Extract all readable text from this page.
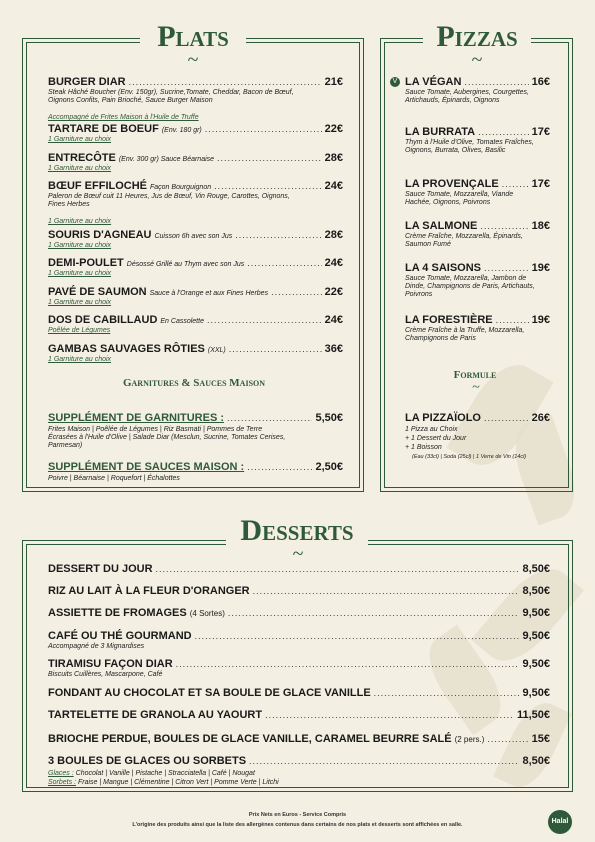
Plats
~
BURGER DIAR .....	21€
Steak Hâché Boucher (Env. 150gr), Sucrine,Tomate, Cheddar, Bacon de Bœuf, Oignons Confits, Pain Brioché, Sauce Burger Maison
Accompagné de Frites Maison à l'Huile de Truffe
TARTARE DE BOEUF (Env. 180 gr) .....	22€
1 Garniture au choix
ENTRECÔTE (Env. 300 gr) Sauce Béarnaise .....	28€
1 Garniture au choix
BŒUF EFFILOCHÉ Façon Bourguignon .....	24€
Paleron de Bœuf cuit 11 Heures, Jus de Bœuf, Vin Rouge, Carottes, Oignons, Fines Herbes
1 Garniture au choix
SOURIS D'AGNEAU Cuisson 6h avec son Jus .....	28€
1 Garniture au choix
DEMI-POULET Désossé Grillé au Thym avec son Jus .....	24€
1 Garniture au choix
PAVÉ DE SAUMON Sauce à l'Orange et aux Fines Herbes .....	22€
1 Garniture au choix
DOS DE CABILLAUD En Cassolette .....	24€
Poêlée de Légumes
GAMBAS SAUVAGES RÔTIES (XXL) .....	36€
1 Garniture au choix
Garnitures & Sauces Maison
SUPPLÉMENT DE GARNITURES : .....	5,50€
Frites Maison | Poêlée de Légumes | Riz Basmati | Pommes de Terre Écrasées à l'Huile d'Olive | Salade Diar (Mesclun, Sucrine, Tomates Cerises, Parmesan)
SUPPLÉMENT DE SAUCES MAISON : .....	2,50€
Poivre | Béarnaise | Roquefort | Échalottes
Pizzas
~
V LA VÉGAN .....	16€
Sauce Tomate, Aubergines, Courgettes, Artichauds, Épinards, Oignons
LA BURRATA .....	17€
Thym à l'Huile d'Olive, Tomates Fraîches, Oignons, Burrata, Olives, Basilic
LA PROVENÇALE .....	17€
Sauce Tomate, Mozzarella, Viande Hachée, Oignons, Poivrons
LA SALMONE .....	18€
Crème Fraîche, Mozzarella, Épinards, Saumon Fumé
LA 4 SAISONS .....	19€
Sauce Tomate, Mozzarella, Jambon de Dinde, Champignons de Paris, Artichauts, Poivrons
LA FORESTIÈRE .....	19€
Crème Fraîche à la Truffe, Mozzarella, Champignons de Paris
Formule
~
LA PIZZAÏOLO .....	26€
1 Pizza au Choix
+ 1 Dessert du Jour
+ 1 Boisson
(Eau (33cl) | Soda (25cl) | 1 Verre de Vin (14cl)
Desserts
~
DESSERT DU JOUR .....	8,50€
RIZ AU LAIT À LA FLEUR D'ORANGER .....	8,50€
ASSIETTE DE FROMAGES (4 Sortes) .....	9,50€
CAFÉ OU THÉ GOURMAND .....	9,50€
Accompagné de 3 Mignardises
TIRAMISU FAÇON DIAR .....	9,50€
Biscuits Cuillères, Mascarpone, Café
FONDANT AU CHOCOLAT ET SA BOULE DE GLACE VANILLE .....	9,50€
TARTELETTE DE GRANOLA AU YAOURT .....	11,50€
BRIOCHE PERDUE, BOULES DE GLACE VANILLE, CARAMEL BEURRE SALÉ (2 pers.) .....	15€
3 BOULES DE GLACES OU SORBETS .....	8,50€
Glaces : Chocolat | Vanille | Pistache | Stracciatella | Café | Nougat
Sorbets : Fraise | Mangue | Clémentine | Citron Vert | Pomme Verte | Litchi
Prix Nets en Euros - Service Compris
L'origine des produits ainsi que la liste des allergènes contenus dans certains de nos plats et desserts sont affichées en salle.	Halal
